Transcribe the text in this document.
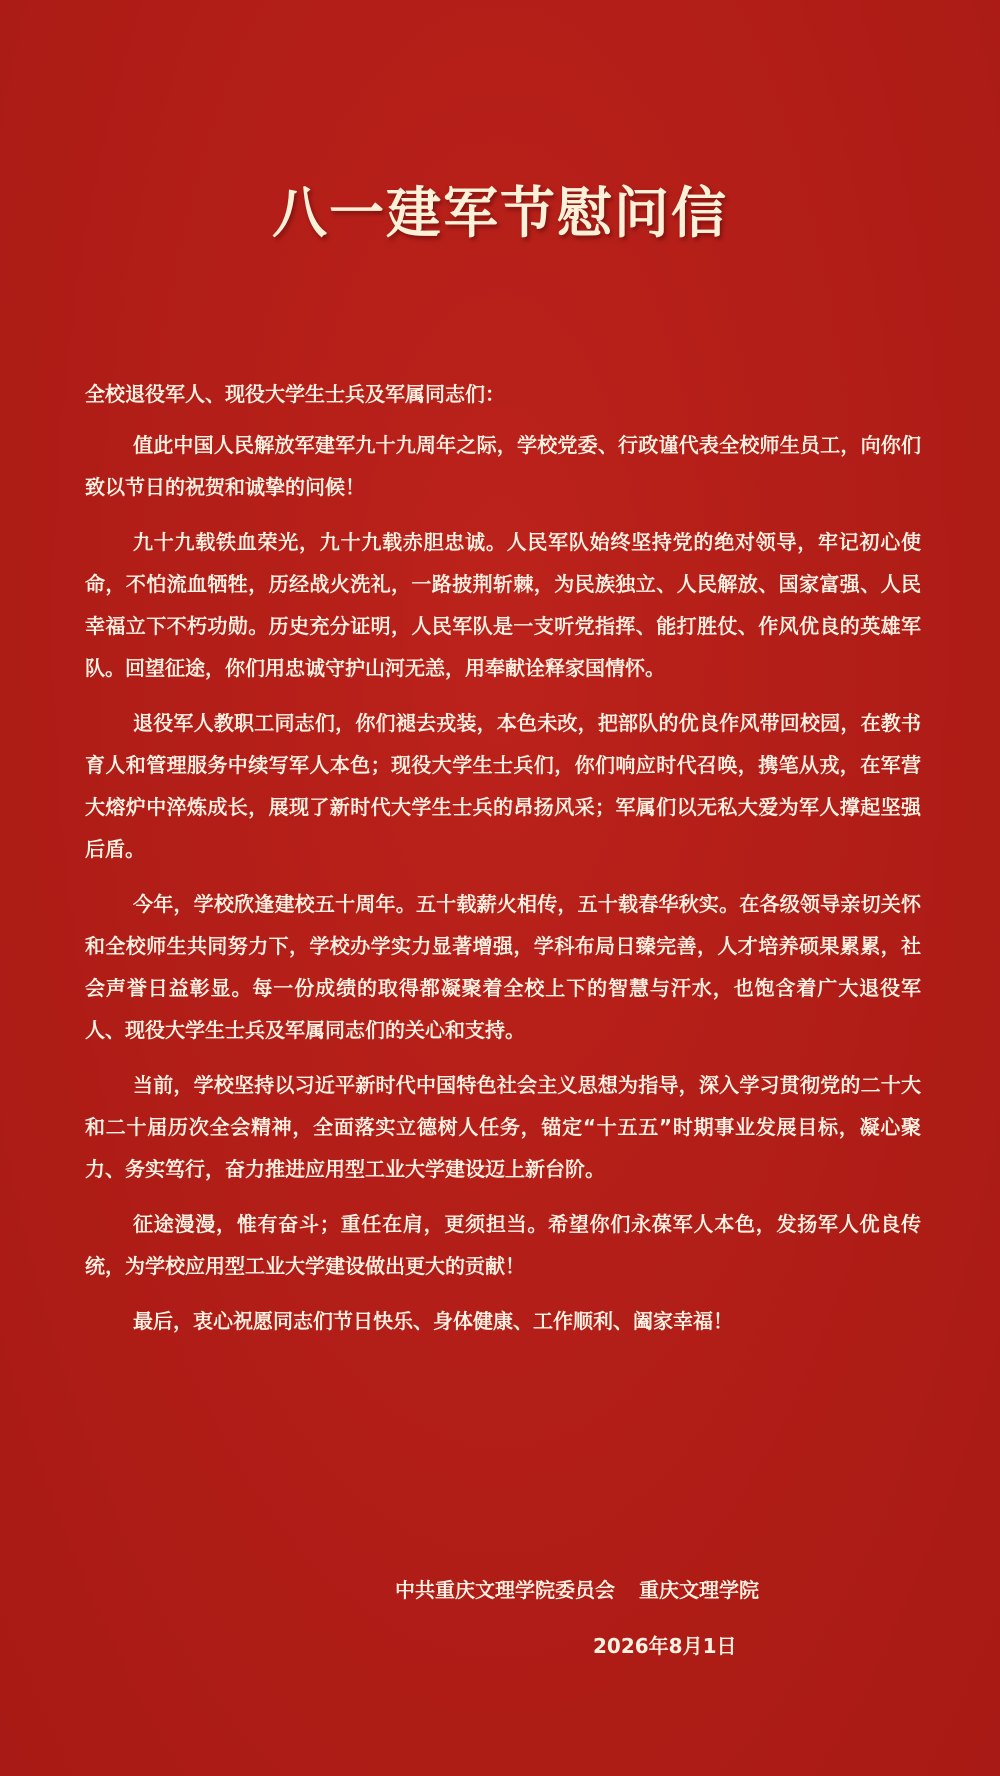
八一建军节慰问信

全校退役军人、现役大学生士兵及军属同志们：

值此中国人民解放军建军九十九周年之际，学校党委、行政谨代表全校师生员工，向你们致以节日的祝贺和诚挚的问候！

九十九载铁血荣光，九十九载赤胆忠诚。人民军队始终坚持党的绝对领导，牢记初心使命，不怕流血牺牲，历经战火洗礼，一路披荆斩棘，为民族独立、人民解放、国家富强、人民幸福立下不朽功勋。历史充分证明，人民军队是一支听党指挥、能打胜仗、作风优良的英雄军队。回望征途，你们用忠诚守护山河无恙，用奉献诠释家国情怀。

退役军人教职工同志们，你们褪去戎装，本色未改，把部队的优良作风带回校园，在教书育人和管理服务中续写军人本色；现役大学生士兵们，你们响应时代召唤，携笔从戎，在军营大熔炉中淬炼成长，展现了新时代大学生士兵的昂扬风采；军属们以无私大爱为军人撑起坚强后盾。

今年，学校欣逢建校五十周年。五十载薪火相传，五十载春华秋实。在各级领导亲切关怀和全校师生共同努力下，学校办学实力显著增强，学科布局日臻完善，人才培养硕果累累，社会声誉日益彰显。每一份成绩的取得都凝聚着全校上下的智慧与汗水，也饱含着广大退役军人、现役大学生士兵及军属同志们的关心和支持。

当前，学校坚持以习近平新时代中国特色社会主义思想为指导，深入学习贯彻党的二十大和二十届历次全会精神，全面落实立德树人任务，锚定“十五五”时期事业发展目标，凝心聚力、务实笃行，奋力推进应用型工业大学建设迈上新台阶。

征途漫漫，惟有奋斗；重任在肩，更须担当。希望你们永葆军人本色，发扬军人优良传统，为学校应用型工业大学建设做出更大的贡献！

最后，衷心祝愿同志们节日快乐、身体健康、工作顺利、阖家幸福！

中共重庆文理学院委员会 重庆文理学院
2026年8月1日
